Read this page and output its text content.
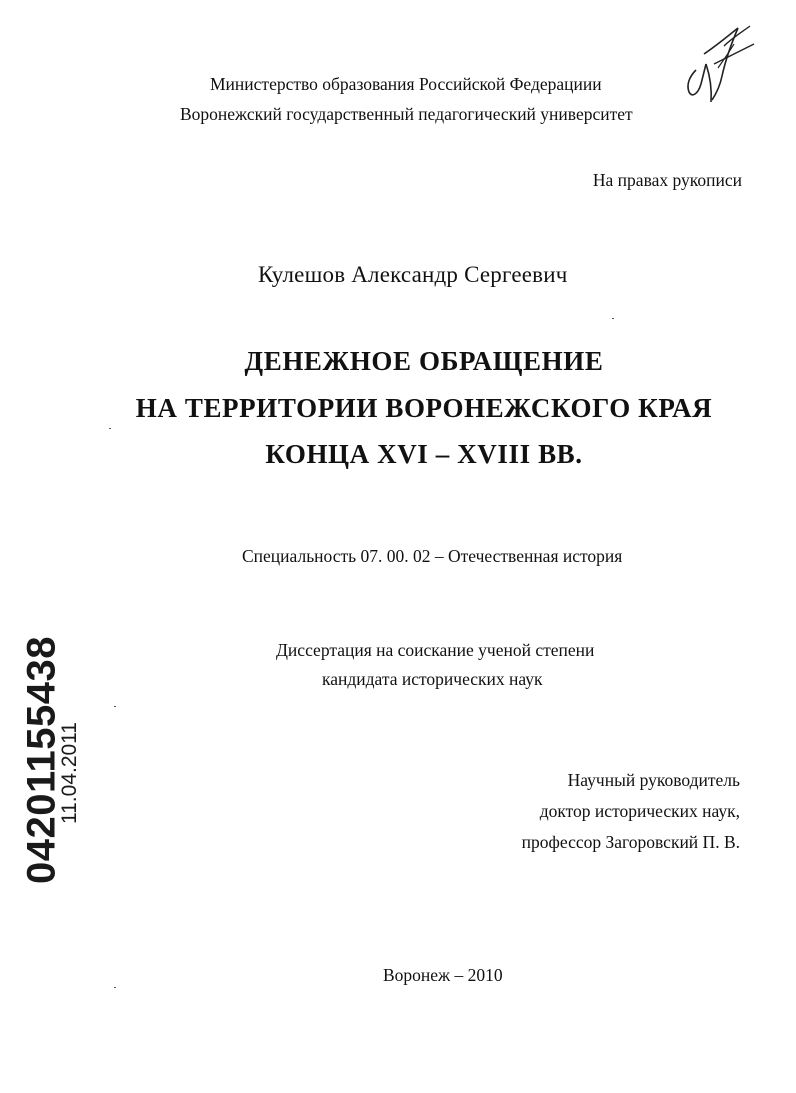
Министерство образования Российской Федерациии
Воронежский государственный педагогический университет
На правах рукописи
Кулешов Александр Сергеевич
ДЕНЕЖНОЕ ОБРАЩЕНИЕ
НА ТЕРРИТОРИИ ВОРОНЕЖСКОГО КРАЯ
КОНЦА XVI – XVIII ВВ.
Специальность 07. 00. 02 – Отечественная история
Диссертация на соискание ученой степени
кандидата исторических наук
Научный руководитель
доктор исторических наук,
профессор Загоровский П. В.
Воронеж – 2010
04201155438
11.04.2011
